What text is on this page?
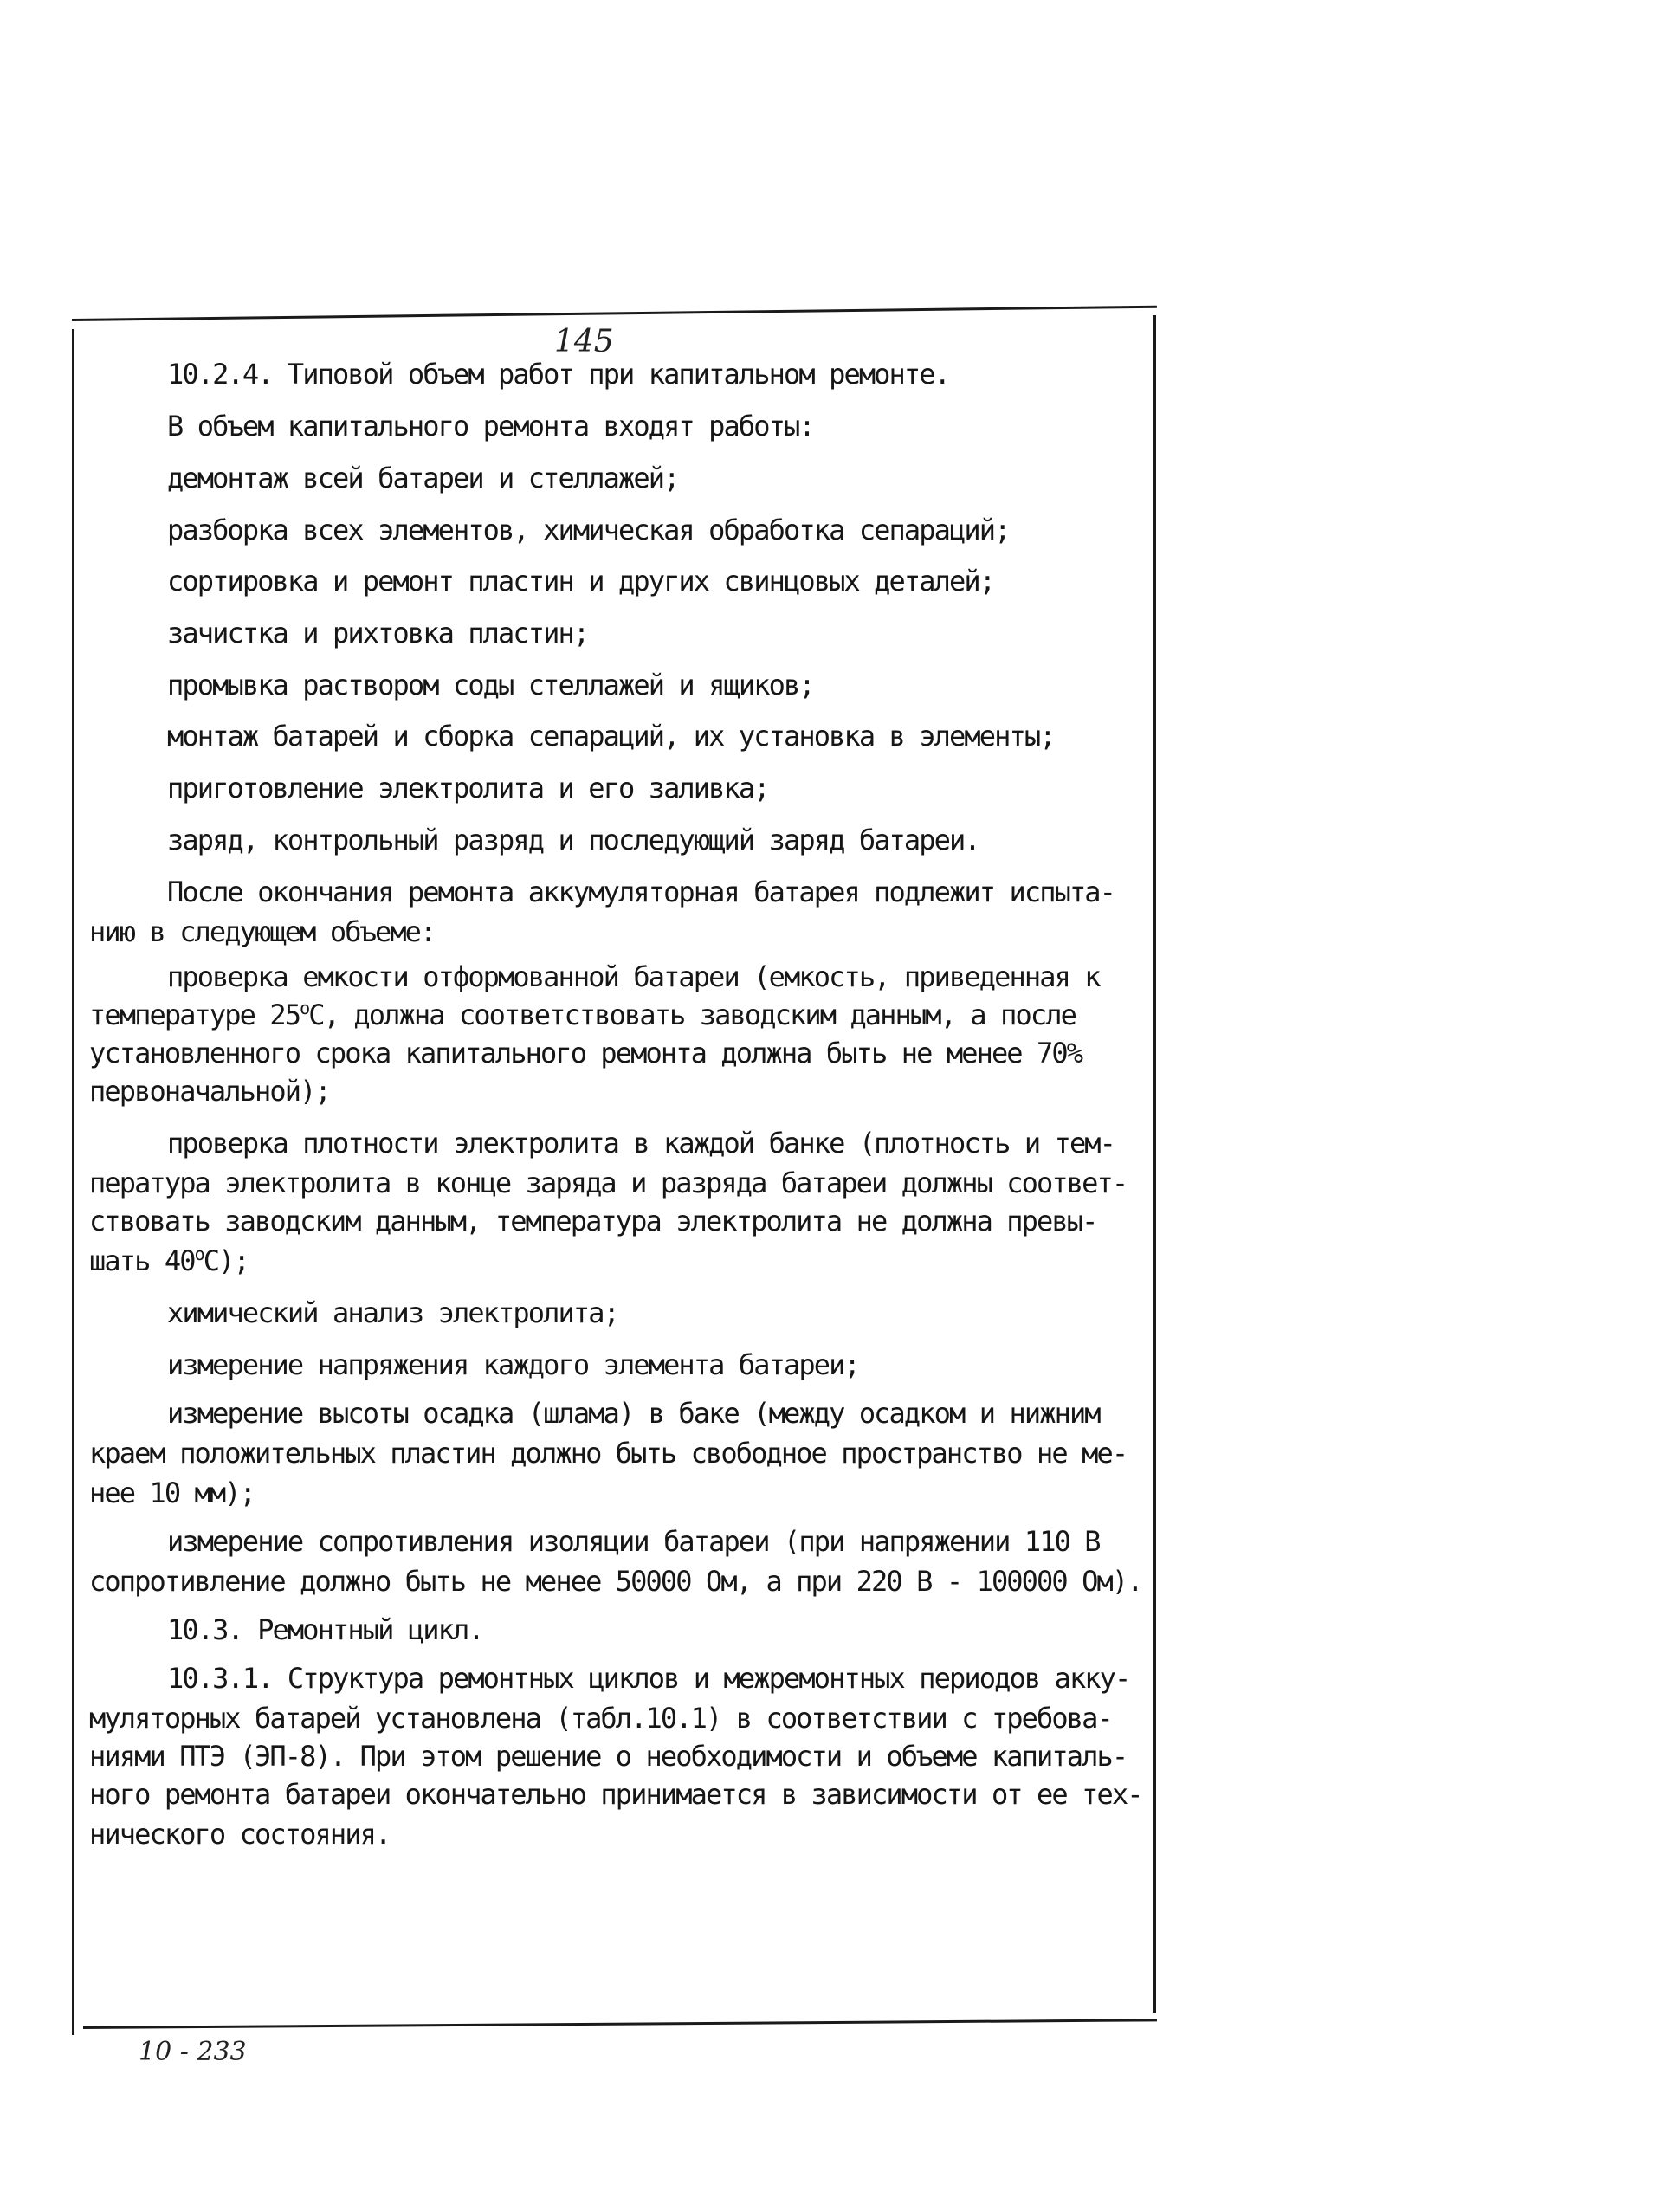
145
10.2.4. Типовой объем работ при капитальном ремонте.
В объем капитального ремонта входят работы:
демонтаж всей батареи и стеллажей;
разборка всех элементов, химическая обработка сепараций;
сортировка и ремонт пластин и других свинцовых деталей;
зачистка и рихтовка пластин;
промывка раствором соды стеллажей и ящиков;
монтаж батарей и сборка сепараций, их установка в элементы;
приготовление электролита и его заливка;
заряд, контрольный разряд и последующий заряд батареи.
После окончания ремонта аккумуляторная батарея подлежит испыта-
нию в следующем объеме:
проверка емкости отформованной батареи (емкость, приведенная к
температуре 25$^o$С, должна соответствовать заводским данным, а после
установленного срока капитального ремонта должна быть не менее 70%
первоначальной);
проверка плотности электролита в каждой банке (плотность и тем-
пература электролита в конце заряда и разряда батареи должны соответ-
ствовать заводским данным, температура электролита не должна превы-
шать 40$^o$С);
химический анализ электролита;
измерение напряжения каждого элемента батареи;
измерение высоты осадка (шлама) в баке (между осадком и нижним
краем положительных пластин должно быть свободное пространство не ме-
нее 10 мм);
измерение сопротивления изоляции батареи (при напряжении 110 В
сопротивление должно быть не менее 50000 Ом, а при 220 В - 100000 Ом).
10.3. Ремонтный цикл.
10.3.1. Структура ремонтных циклов и межремонтных периодов акку-
муляторных батарей установлена (табл.10.1) в соответствии с требова-
ниями ПТЭ (ЭП-8). При этом решение о необходимости и объеме капиталь-
ного ремонта батареи окончательно принимается в зависимости от ее тех-
нического состояния.
10 - 233
